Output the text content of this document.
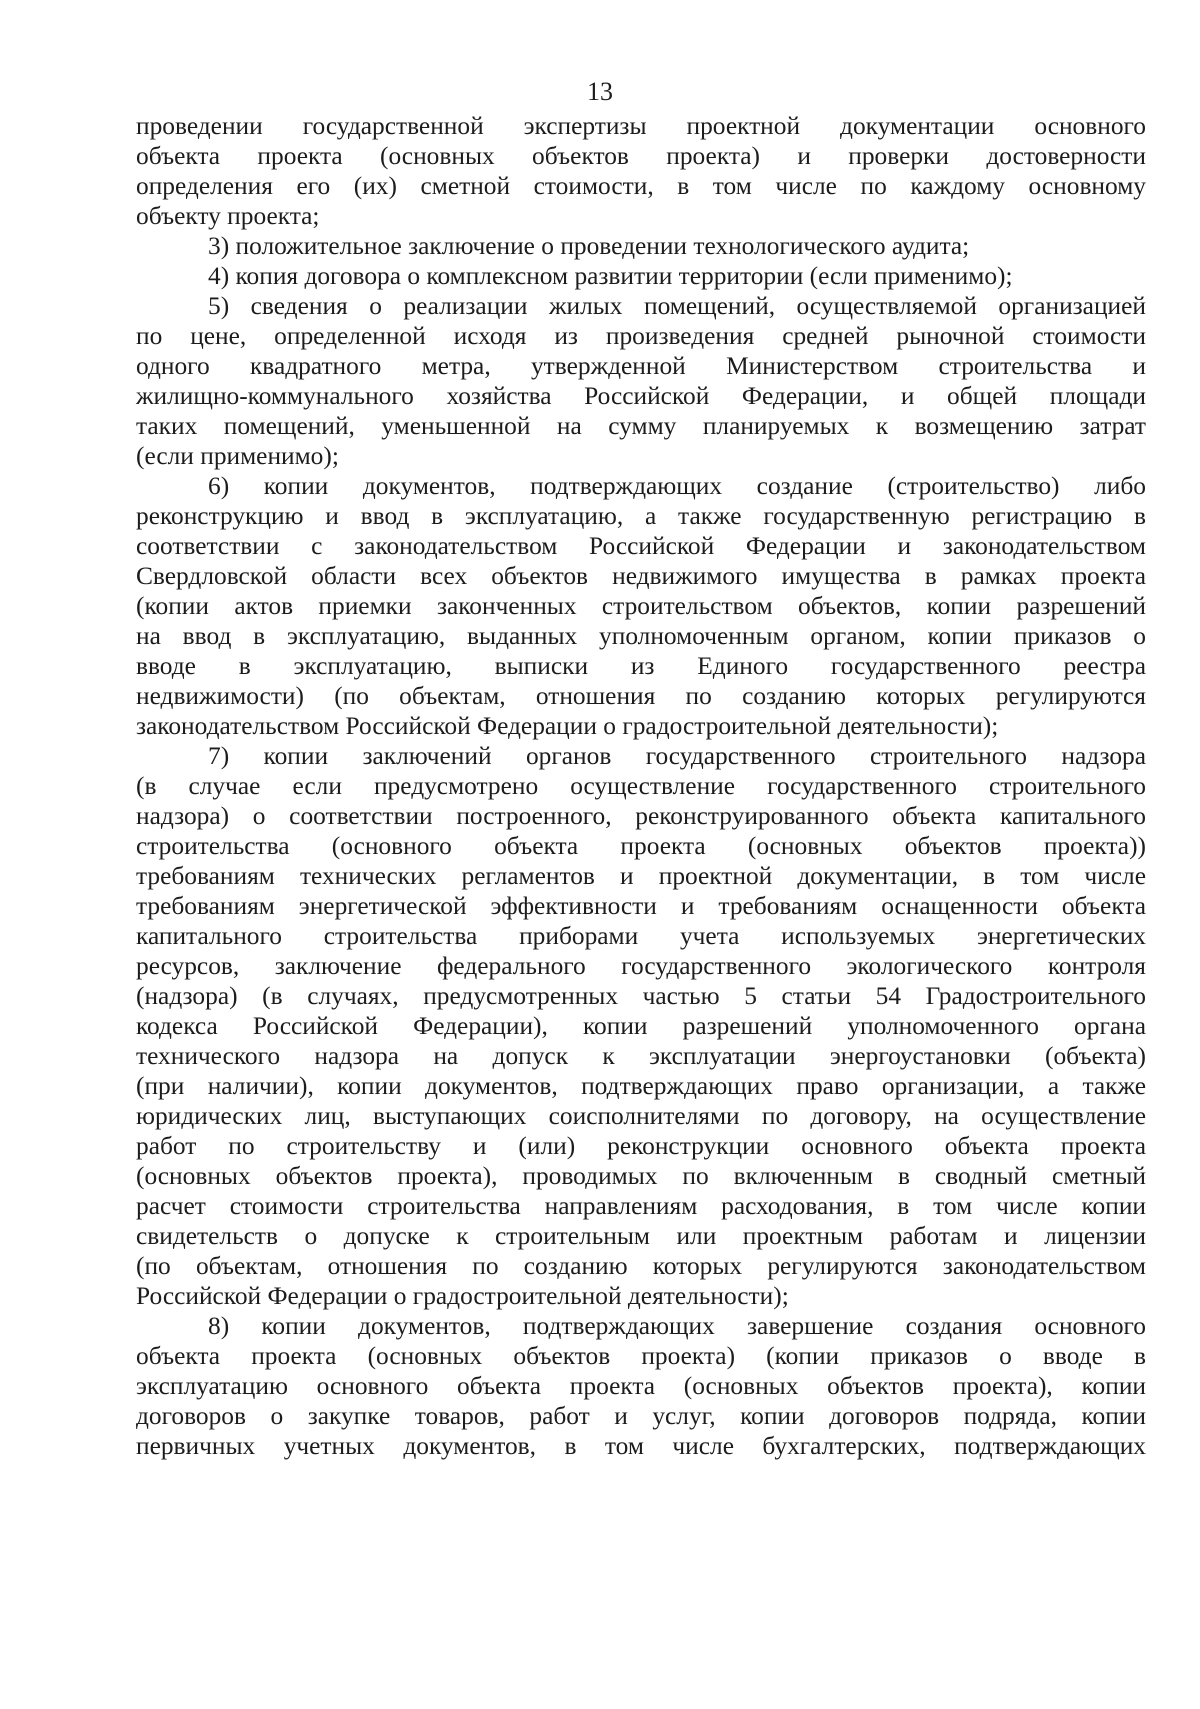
13
проведении государственной экспертизы проектной документации основного
объекта проекта (основных объектов проекта) и проверки достоверности
определения его (их) сметной стоимости, в том числе по каждому основному
объекту проекта;
3) положительное заключение о проведении технологического аудита;
4) копия договора о комплексном развитии территории (если применимо);
5) сведения о реализации жилых помещений, осуществляемой организацией
по цене, определенной исходя из произведения средней рыночной стоимости
одного квадратного метра, утвержденной Министерством строительства и
жилищно-коммунального хозяйства Российской Федерации, и общей площади
таких помещений, уменьшенной на сумму планируемых к возмещению затрат
(если применимо);
6) копии документов, подтверждающих создание (строительство) либо
реконструкцию и ввод в эксплуатацию, а также государственную регистрацию в
соответствии с законодательством Российской Федерации и законодательством
Свердловской области всех объектов недвижимого имущества в рамках проекта
(копии актов приемки законченных строительством объектов, копии разрешений
на ввод в эксплуатацию, выданных уполномоченным органом, копии приказов о
вводе в эксплуатацию, выписки из Единого государственного реестра
недвижимости) (по объектам, отношения по созданию которых регулируются
законодательством Российской Федерации о градостроительной деятельности);
7) копии заключений органов государственного строительного надзора
(в случае если предусмотрено осуществление государственного строительного
надзора) о соответствии построенного, реконструированного объекта капитального
строительства (основного объекта проекта (основных объектов проекта))
требованиям технических регламентов и проектной документации, в том числе
требованиям энергетической эффективности и требованиям оснащенности объекта
капитального строительства приборами учета используемых энергетических
ресурсов, заключение федерального государственного экологического контроля
(надзора) (в случаях, предусмотренных частью 5 статьи 54 Градостроительного
кодекса Российской Федерации), копии разрешений уполномоченного органа
технического надзора на допуск к эксплуатации энергоустановки (объекта)
(при наличии), копии документов, подтверждающих право организации, а также
юридических лиц, выступающих соисполнителями по договору, на осуществление
работ по строительству и (или) реконструкции основного объекта проекта
(основных объектов проекта), проводимых по включенным в сводный сметный
расчет стоимости строительства направлениям расходования, в том числе копии
свидетельств о допуске к строительным или проектным работам и лицензии
(по объектам, отношения по созданию которых регулируются законодательством
Российской Федерации о градостроительной деятельности);
8) копии документов, подтверждающих завершение создания основного
объекта проекта (основных объектов проекта) (копии приказов о вводе в
эксплуатацию основного объекта проекта (основных объектов проекта), копии
договоров о закупке товаров, работ и услуг, копии договоров подряда, копии
первичных учетных документов, в том числе бухгалтерских, подтверждающих
